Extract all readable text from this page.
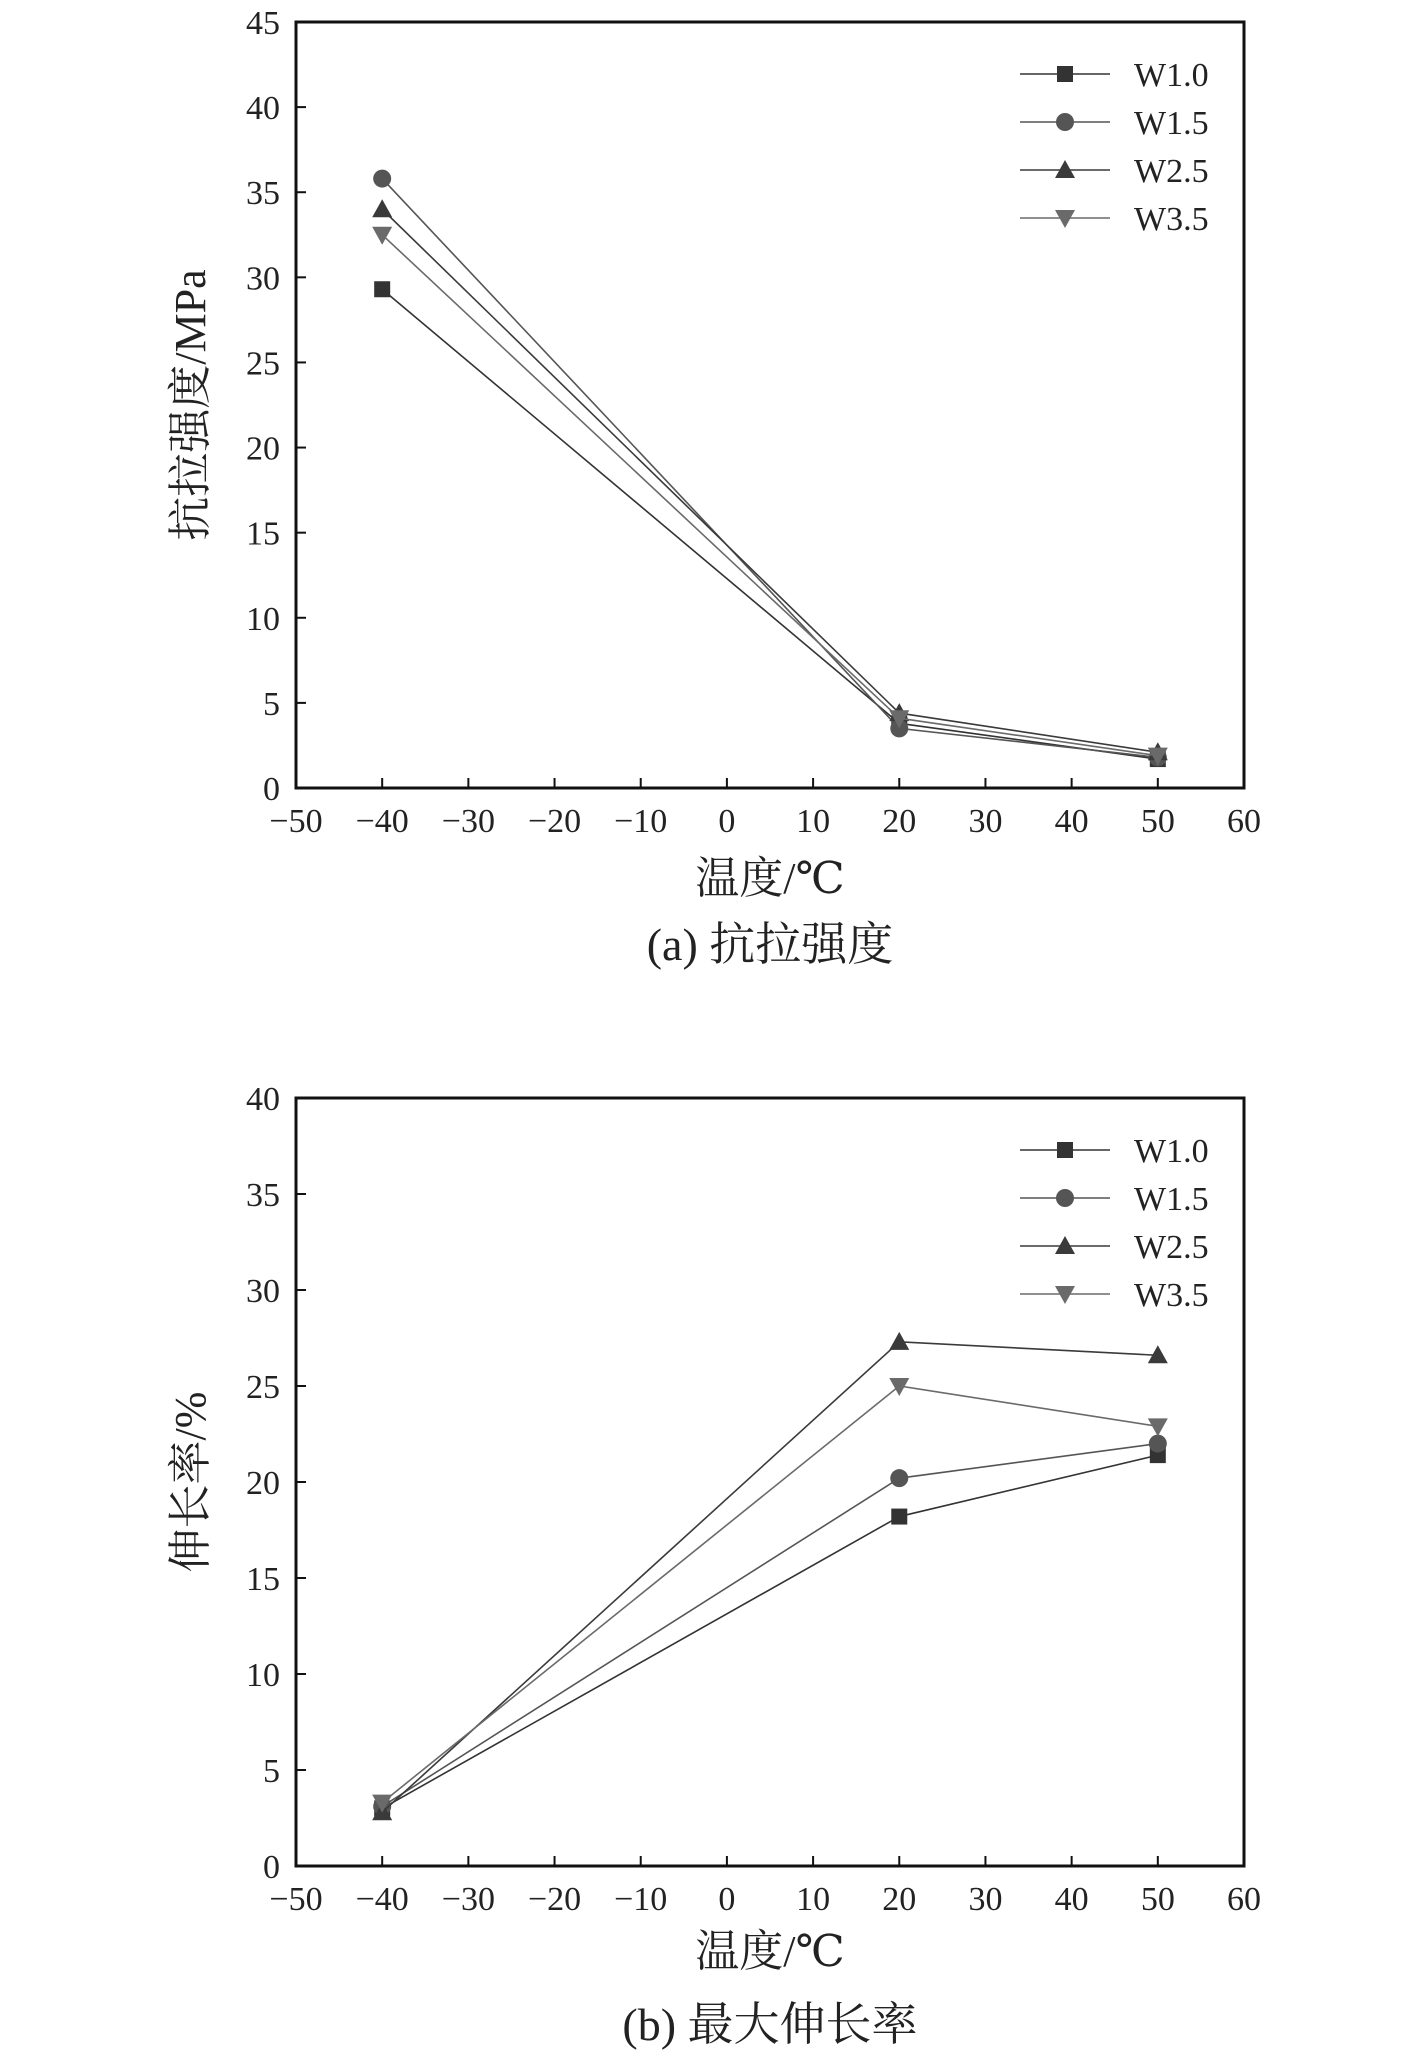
−50 −40 −30 −20 −10 0 10 20 30 40 50 60
0
5
10
15
20
25
30
35
40
45
温度/℃
抗拉强度/MPa
(a) 抗拉强度
W1.0
W1.5
W2.5
W3.5
−50 −40 −30 −20 −10 0 10 20 30 40 50 60
0
5
10
15
20
25
30
35
40
温度/℃
伸长率/%
(b) 最大伸长率
W1.0
W1.5
W2.5
W3.5
